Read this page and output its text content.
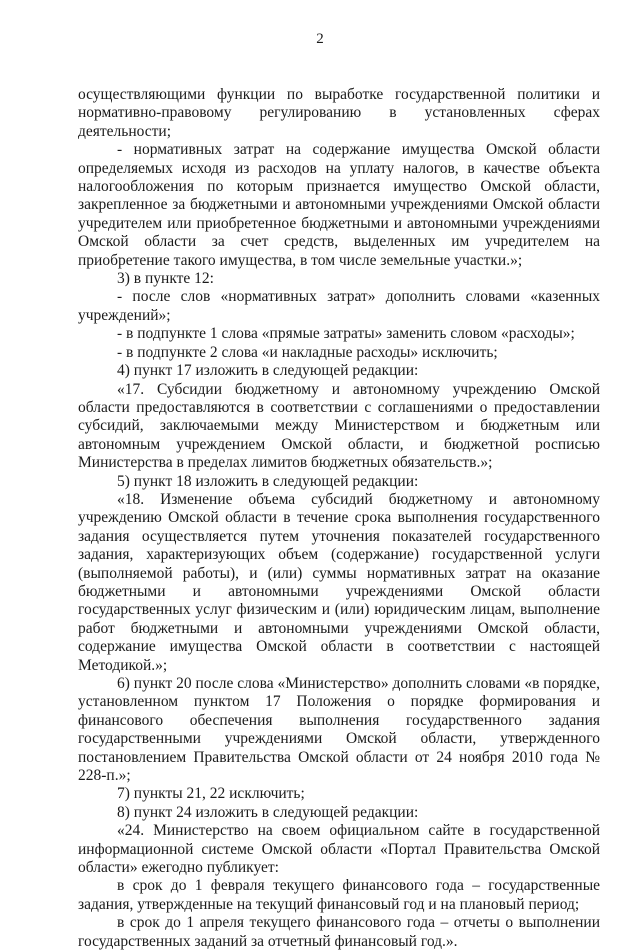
2

осуществляющими функции по выработке государственной политики и нормативно-правовому регулированию в установленных сферах деятельности;

- нормативных затрат на содержание имущества Омской области определяемых исходя из расходов на уплату налогов, в качестве объекта налогообложения по которым признается имущество Омской области, закрепленное за бюджетными и автономными учреждениями Омской области учредителем или приобретенное бюджетными и автономными учреждениями Омской области за счет средств, выделенных им учредителем на приобретение такого имущества, в том числе земельные участки.»;

3) в пункте 12:

- после слов «нормативных затрат» дополнить словами «казенных учреждений»;

- в подпункте 1 слова «прямые затраты» заменить словом «расходы»;

- в подпункте 2 слова «и накладные расходы» исключить;

4) пункт 17 изложить в следующей редакции:

«17. Субсидии бюджетному и автономному учреждению Омской области предоставляются в соответствии с соглашениями о предоставлении субсидий, заключаемыми между Министерством и бюджетным или автономным учреждением Омской области, и бюджетной росписью Министерства в пределах лимитов бюджетных обязательств.»;

5) пункт 18 изложить в следующей редакции:

«18. Изменение объема субсидий бюджетному и автономному учреждению Омской области в течение срока выполнения государственного задания осуществляется путем уточнения показателей государственного задания, характеризующих объем (содержание) государственной услуги (выполняемой работы), и (или) суммы нормативных затрат на оказание бюджетными и автономными учреждениями Омской области государственных услуг физическим и (или) юридическим лицам, выполнение работ бюджетными и автономными учреждениями Омской области, содержание имущества Омской области в соответствии с настоящей Методикой.»;

6) пункт 20 после слова «Министерство» дополнить словами «в порядке, установленном пунктом 17 Положения о порядке формирования и финансового обеспечения выполнения государственного задания государственными учреждениями Омской области, утвержденного постановлением Правительства Омской области от 24 ноября 2010 года № 228-п.»;

7) пункты 21, 22 исключить;

8) пункт 24 изложить в следующей редакции:

«24. Министерство на своем официальном сайте в государственной информационной системе Омской области «Портал Правительства Омской области» ежегодно публикует:

в срок до 1 февраля текущего финансового года – государственные задания, утвержденные на текущий финансовый год и на плановый период;

в срок до 1 апреля текущего финансового года – отчеты о выполнении государственных заданий за отчетный финансовый год.».
